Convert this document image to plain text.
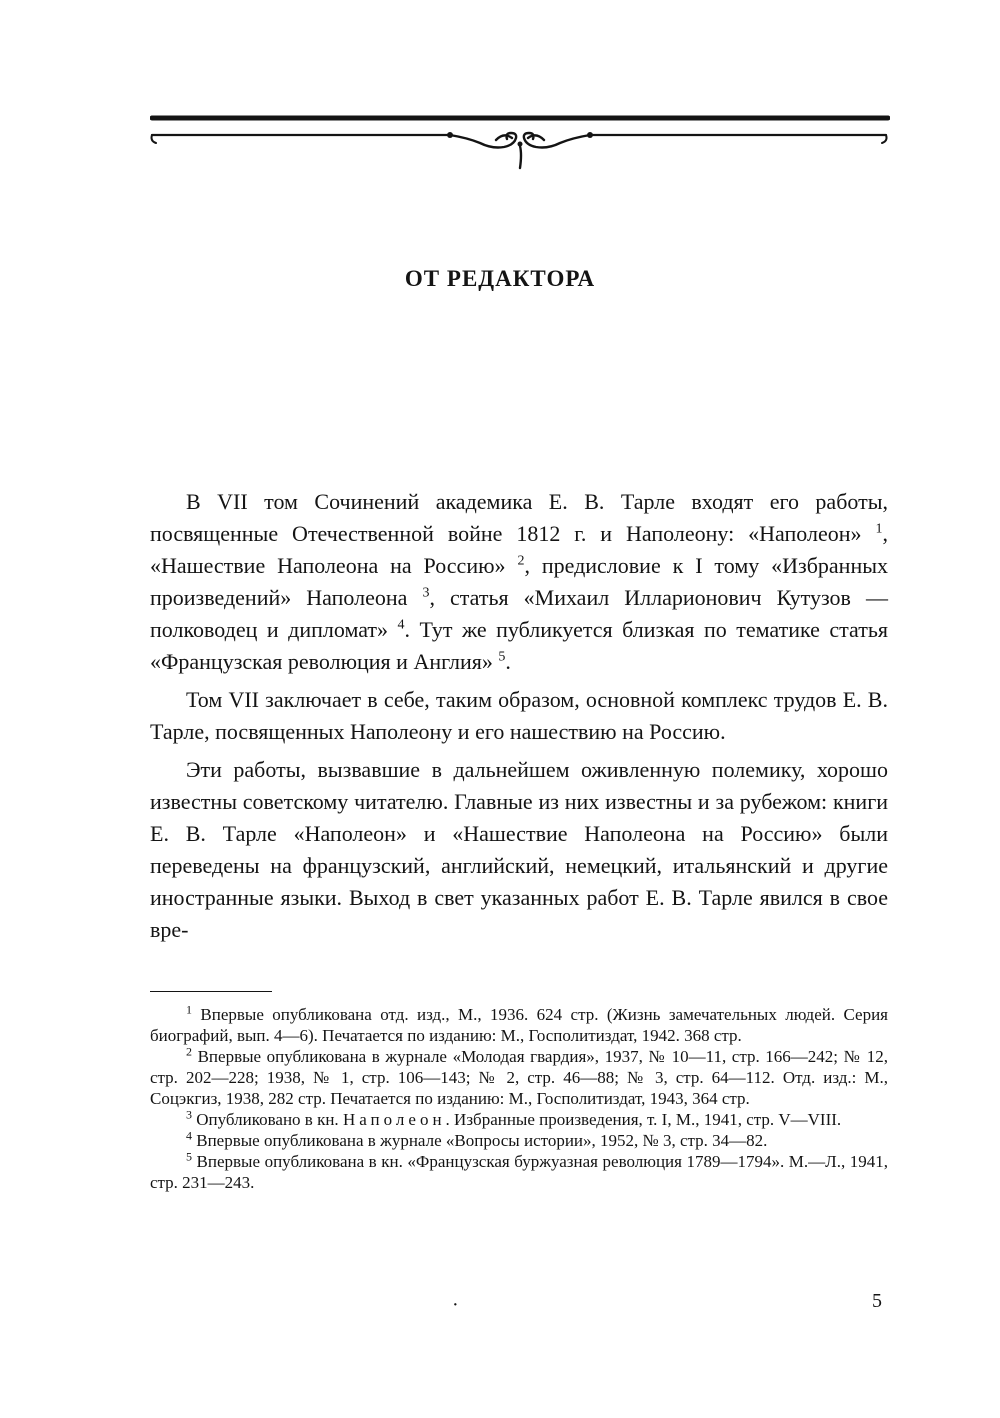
ОТ РЕДАКТОРА

В VII том Сочинений академика Е. В. Тарле входят его работы, посвященные Отечественной войне 1812 г. и Наполеону: «Наполеон» $^1$, «Нашествие Наполеона на Россию» $^2$, предисловие к I тому «Избранных произведений» Наполеона $^3$, статья «Михаил Илларионович Кутузов — полководец и дипломат» $^4$. Тут же публикуется близкая по тематике статья «Французская революция и Англия» $^5$.

Том VII заключает в себе, таким образом, основной комплекс трудов Е. В. Тарле, посвященных Наполеону и его нашествию на Россию.

Эти работы, вызвавшие в дальнейшем оживленную полемику, хорошо известны советскому читателю. Главные из них известны и за рубежом: книги Е. В. Тарле «Наполеон» и «Нашествие Наполеона на Россию» были переведены на французский, английский, немецкий, итальянский и другие иностранные языки. Выход в свет указанных работ Е. В. Тарле явился в свое вре-

$^1$ Впервые опубликована отд. изд., М., 1936. 624 стр. (Жизнь замечательных людей. Серия биографий, вып. 4—6). Печатается по изданию: М., Госполитиздат, 1942. 368 стр.

$^2$ Впервые опубликована в журнале «Молодая гвардия», 1937, № 10—11, стр. 166—242; № 12, стр. 202—228; 1938, № 1, стр. 106—143; № 2, стр. 46—88; № 3, стр. 64—112. Отд. изд.: М., Соцэкгиз, 1938, 282 стр. Печатается по изданию: М., Госполитиздат, 1943, 364 стр.

$^3$ Опубликовано в кн. Наполеон. Избранные произведения, т. I, М., 1941, стр. V—VIII.

$^4$ Впервые опубликована в журнале «Вопросы истории», 1952, № 3, стр. 34—82.

$^5$ Впервые опубликована в кн. «Французская буржуазная революция 1789—1794». М.—Л., 1941, стр. 231—243.

·	5
